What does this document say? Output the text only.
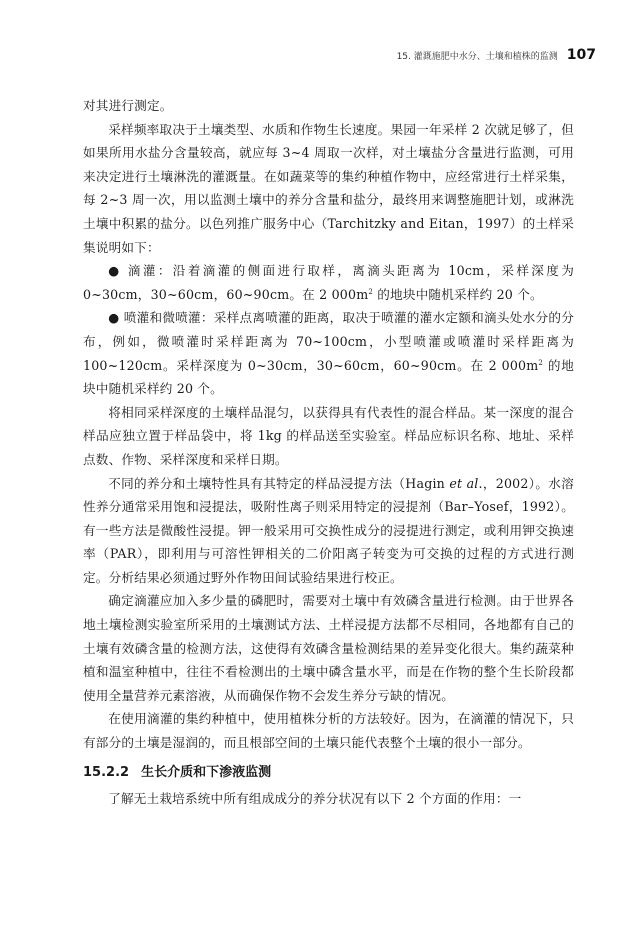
15. 灌溉施肥中水分、土壤和植株的监测 107

对其进行测定。

采样频率取决于土壤类型、水质和作物生长速度。果园一年采样 2 次就足够了，但如果所用水盐分含量较高，就应每 3~4 周取一次样，对土壤盐分含量进行监测，可用来决定进行土壤淋洗的灌溉量。在如蔬菜等的集约种植作物中，应经常进行土样采集，每 2~3 周一次，用以监测土壤中的养分含量和盐分，最终用来调整施肥计划，或淋洗土壤中积累的盐分。以色列推广服务中心（Tarchitzky and Eitan，1997）的土样采集说明如下：

● 滴灌：沿着滴灌的侧面进行取样，离滴头距离为 10cm，采样深度为 0~30cm，30~60cm，60~90cm。在 2 $000m^2$ 的地块中随机采样约 20 个。

● 喷灌和微喷灌：采样点离喷灌的距离，取决于喷灌的灌水定额和滴头处水分的分布，例如，微喷灌时采样距离为 70~100cm，小型喷灌或喷灌时采样距离为 100~120cm。采样深度为 0~30cm，30~60cm，60~90cm。在 2 $000m^2$ 的地块中随机采样约 20 个。

将相同采样深度的土壤样品混匀，以获得具有代表性的混合样品。某一深度的混合样品应独立置于样品袋中，将 1kg 的样品送至实验室。样品应标识名称、地址、采样点数、作物、采样深度和采样日期。

不同的养分和土壤特性具有其特定的样品浸提方法（Hagin et al.，2002）。水溶性养分通常采用饱和浸提法，吸附性离子则采用特定的浸提剂（Bar–Yosef，1992）。有一些方法是微酸性浸提。钾一般采用可交换性成分的浸提进行测定，或利用钾交换速率（PAR），即利用与可溶性钾相关的二价阳离子转变为可交换的过程的方式进行测定。分析结果必须通过野外作物田间试验结果进行校正。

确定滴灌应加入多少量的磷肥时，需要对土壤中有效磷含量进行检测。由于世界各地土壤检测实验室所采用的土壤测试方法、土样浸提方法都不尽相同，各地都有自己的土壤有效磷含量的检测方法，这使得有效磷含量检测结果的差异变化很大。集约蔬菜种植和温室种植中，往往不看检测出的土壤中磷含量水平，而是在作物的整个生长阶段都使用全量营养元素溶液，从而确保作物不会发生养分亏缺的情况。

在使用滴灌的集约种植中，使用植株分析的方法较好。因为，在滴灌的情况下，只有部分的土壤是湿润的，而且根部空间的土壤只能代表整个土壤的很小一部分。

15.2.2 生长介质和下渗液监测

了解无土栽培系统中所有组成成分的养分状况有以下 2 个方面的作用：一
